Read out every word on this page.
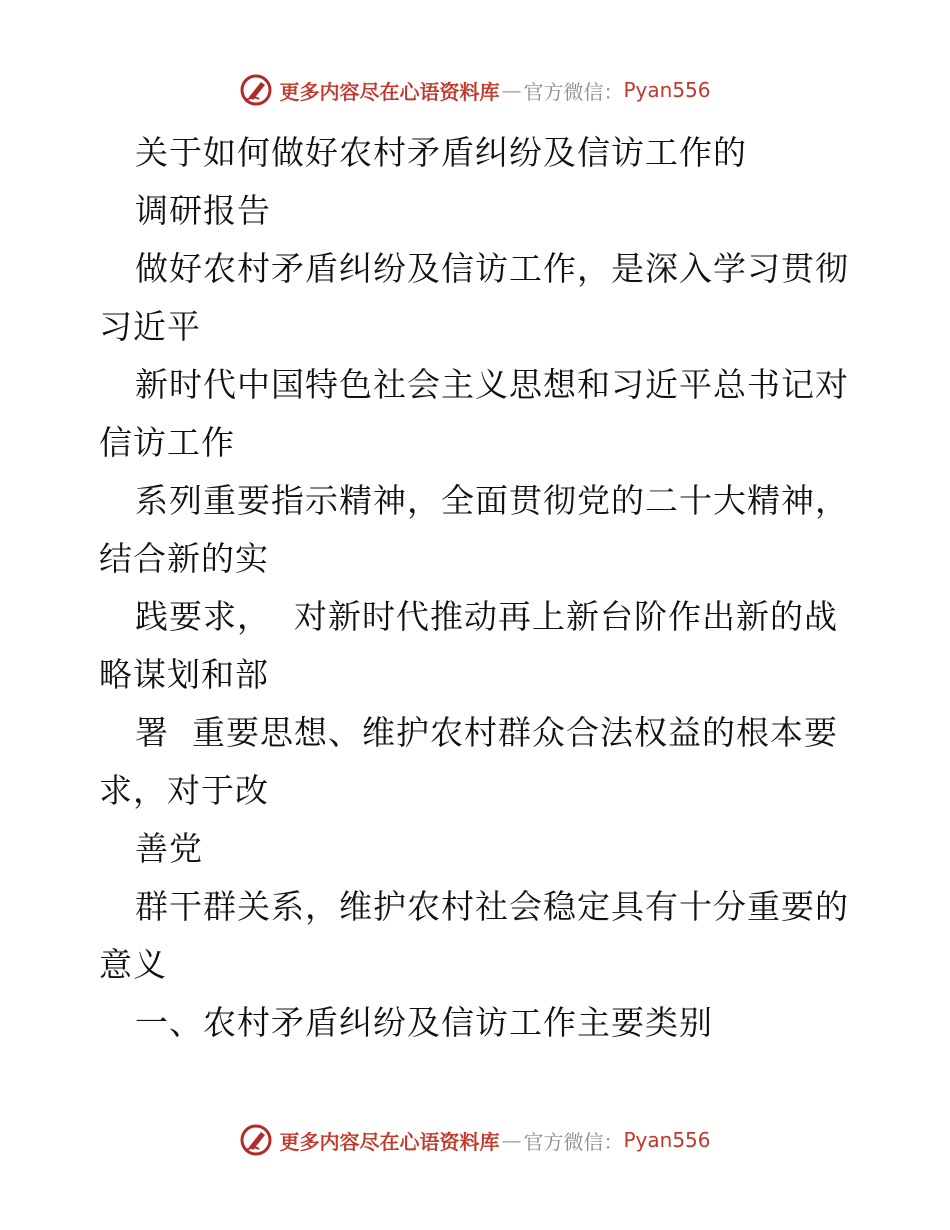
更多内容尽在心语资料库 — 官方微信： Pyan556
关于如何做好农村矛盾纠纷及信访工作的
调研报告
做好农村矛盾纠纷及信访工作，是深入学习贯彻
习近平
新时代中国特色社会主义思想和习近平总书记对
信访工作
系列重要指示精神，全面贯彻党的二十大精神，
结合新的实
践要求，  对新时代推动再上新台阶作出新的战
略谋划和部
署  重要思想、维护农村群众合法权益的根本要
求，对于改
善党
群干群关系，维护农村社会稳定具有十分重要的
意义
一、农村矛盾纠纷及信访工作主要类别
更多内容尽在心语资料库 — 官方微信： Pyan556
